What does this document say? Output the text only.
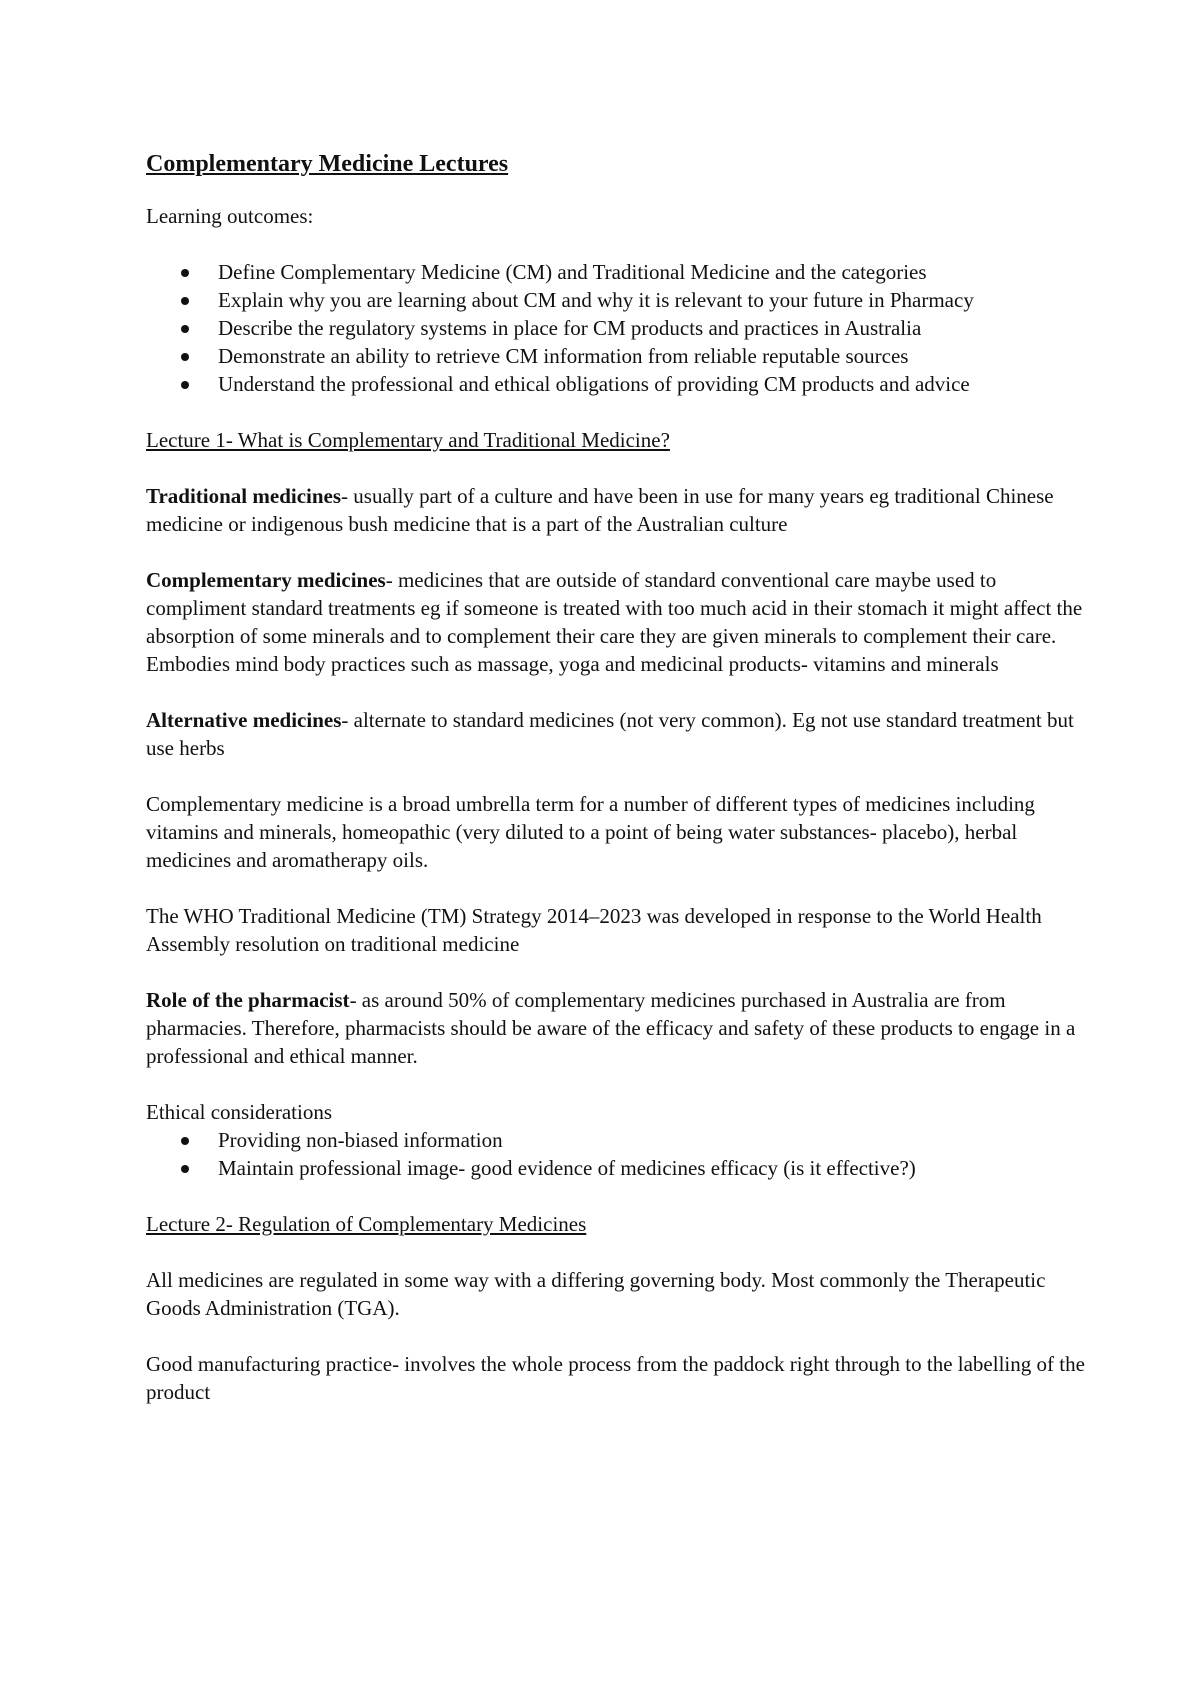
Complementary Medicine Lectures

Learning outcomes:

Define Complementary Medicine (CM) and Traditional Medicine and the categories
Explain why you are learning about CM and why it is relevant to your future in Pharmacy
Describe the regulatory systems in place for CM products and practices in Australia
Demonstrate an ability to retrieve CM information from reliable reputable sources
Understand the professional and ethical obligations of providing CM products and advice

Lecture 1- What is Complementary and Traditional Medicine?

Traditional medicines- usually part of a culture and have been in use for many years eg traditional Chinese medicine or indigenous bush medicine that is a part of the Australian culture

Complementary medicines- medicines that are outside of standard conventional care maybe used to compliment standard treatments eg if someone is treated with too much acid in their stomach it might affect the absorption of some minerals and to complement their care they are given minerals to complement their care. Embodies mind body practices such as massage, yoga and medicinal products- vitamins and minerals

Alternative medicines- alternate to standard medicines (not very common). Eg not use standard treatment but use herbs

Complementary medicine is a broad umbrella term for a number of different types of medicines including vitamins and minerals, homeopathic (very diluted to a point of being water substances- placebo), herbal medicines and aromatherapy oils.

The WHO Traditional Medicine (TM) Strategy 2014–2023 was developed in response to the World Health Assembly resolution on traditional medicine

Role of the pharmacist- as around 50% of complementary medicines purchased in Australia are from pharmacies. Therefore, pharmacists should be aware of the efficacy and safety of these products to engage in a professional and ethical manner.

Ethical considerations

Providing non-biased information
Maintain professional image- good evidence of medicines efficacy (is it effective?)

Lecture 2- Regulation of Complementary Medicines

All medicines are regulated in some way with a differing governing body. Most commonly the Therapeutic Goods Administration (TGA).

Good manufacturing practice- involves the whole process from the paddock right through to the labelling of the product
